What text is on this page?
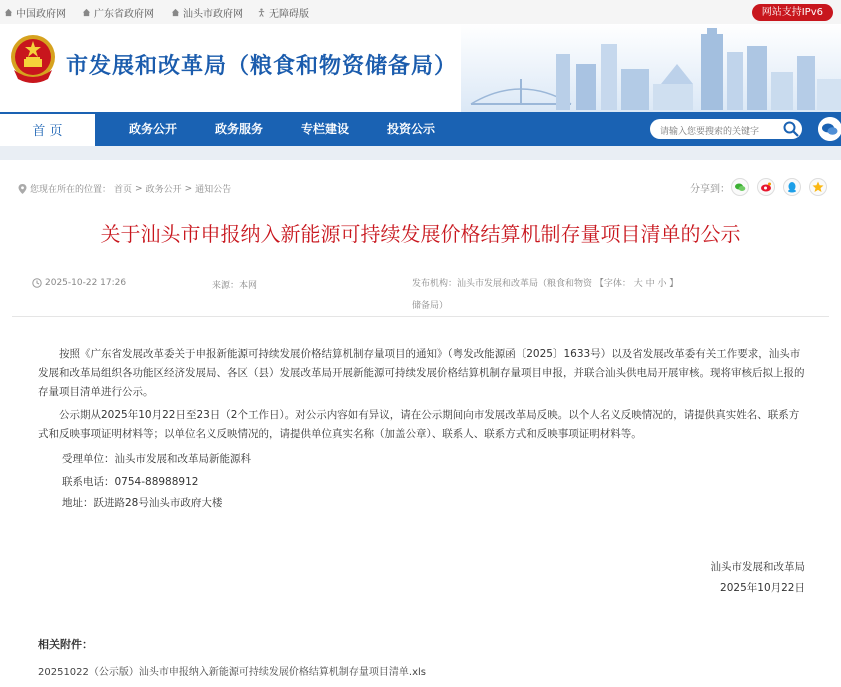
中国政府网	广东省政府网	汕头市政府网	无障碍版	网站支持IPv6
市发展和改革局（粮食和物资储备局）
首 页	政务公开	政务服务	专栏建设	投资公示
请输入您要搜索的关键字
您现在所在的位置： 首页 > 政务公开 > 通知公告	分享到：
关于汕头市申报纳入新能源可持续发展价格结算机制存量项目清单的公示
2025-10-22 17:26	来源：本网	发布机构：汕头市发展和改革局（粮食和物资 【字体： 大 中 小 】
储备局）
按照《广东省发展改革委关于申报新能源可持续发展价格结算机制存量项目的通知》（粤发改能源函〔2025〕1633号）以及省发展改革委有关工作要求，汕头市发展和改革局组织各功能区经济发展局、各区（县）发展改革局开展新能源可持续发展价格结算机制存量项目申报，并联合汕头供电局开展审核。现将审核后拟上报的存量项目清单进行公示。
公示期从2025年10月22日至23日（2个工作日）。对公示内容如有异议，请在公示期间向市发展改革局反映。以个人名义反映情况的，请提供真实姓名、联系方式和反映事项证明材料等；以单位名义反映情况的，请提供单位真实名称（加盖公章）、联系人、联系方式和反映事项证明材料等。
受理单位：汕头市发展和改革局新能源科
联系电话：0754-88988912
地址：跃进路28号汕头市政府大楼
汕头市发展和改革局
2025年10月22日
相关附件：
20251022（公示版）汕头市申报纳入新能源可持续发展价格结算机制存量项目清单.xls
